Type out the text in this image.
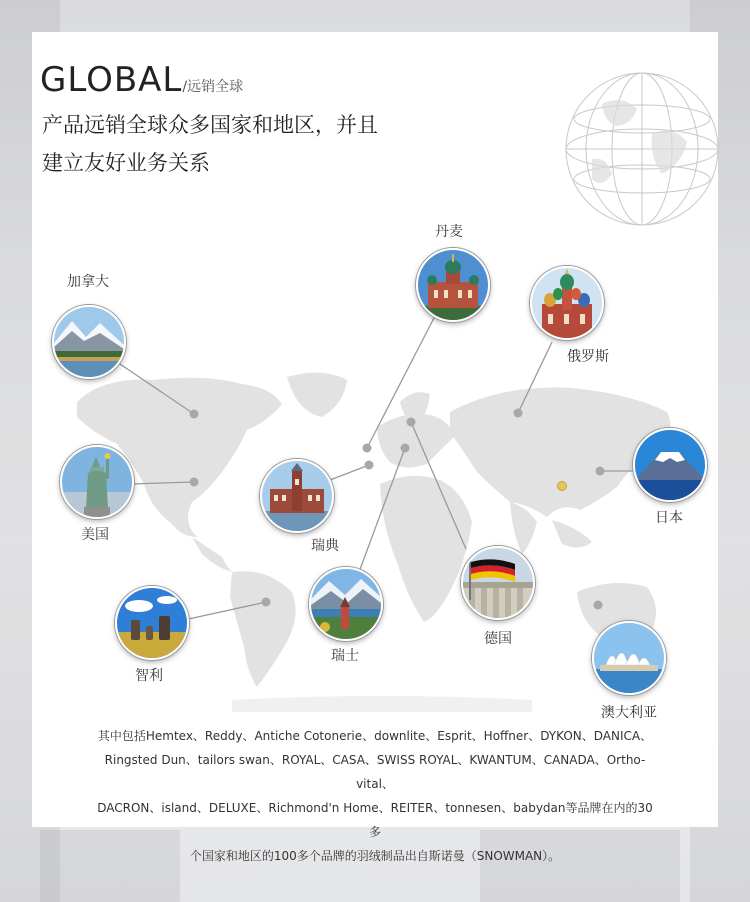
GLOBAL/远销全球
产品远销全球众多国家和地区，并且
建立友好业务关系
加拿大
美国
智利
瑞典
瑞士
丹麦
俄罗斯
德国
日本
澳大利亚
其中包括Hemtex、Reddy、Antiche Cotonerie、downlite、Esprit、Hoffner、DYKON、DANICA、
Ringsted Dun、tailors swan、ROYAL、CASA、SWISS ROYAL、KWANTUM、CANADA、Ortho-vital、
DACRON、island、DELUXE、Richmond'n Home、REITER、tonnesen、babydan等品牌在内的30多
个国家和地区的100多个品牌的羽绒制品出自斯诺曼（SNOWMAN）。
